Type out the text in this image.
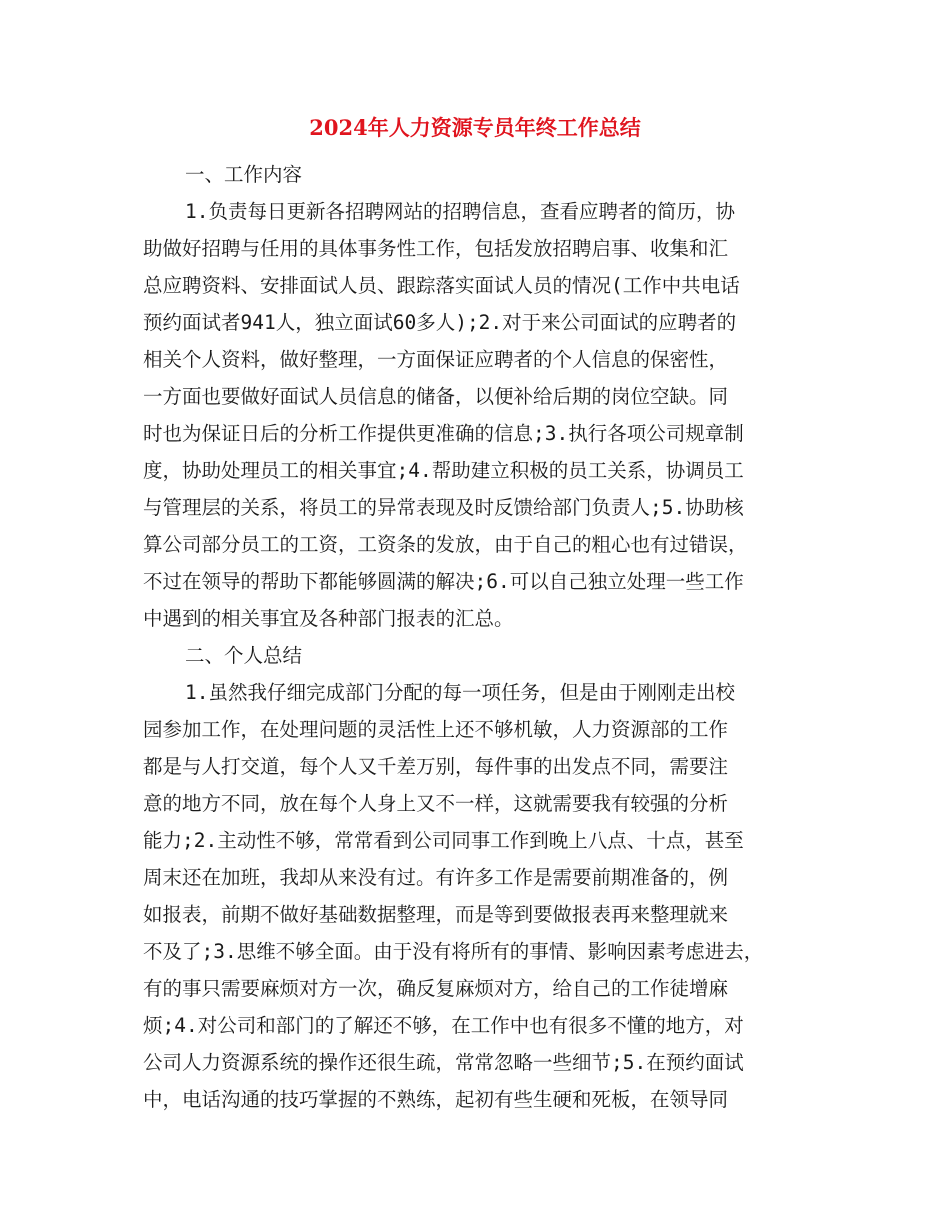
2024年人力资源专员年终工作总结

一、工作内容

1.负责每日更新各招聘网站的招聘信息，查看应聘者的简历，协

助做好招聘与任用的具体事务性工作，包括发放招聘启事、收集和汇

总应聘资料、安排面试人员、跟踪落实面试人员的情况(工作中共电话

预约面试者941人，独立面试60多人);2.对于来公司面试的应聘者的

相关个人资料，做好整理，一方面保证应聘者的个人信息的保密性，

一方面也要做好面试人员信息的储备，以便补给后期的岗位空缺。同

时也为保证日后的分析工作提供更准确的信息;3.执行各项公司规章制

度，协助处理员工的相关事宜;4.帮助建立积极的员工关系，协调员工

与管理层的关系，将员工的异常表现及时反馈给部门负责人;5.协助核

算公司部分员工的工资，工资条的发放，由于自己的粗心也有过错误，

不过在领导的帮助下都能够圆满的解决;6.可以自己独立处理一些工作

中遇到的相关事宜及各种部门报表的汇总。

二、个人总结

1.虽然我仔细完成部门分配的每一项任务，但是由于刚刚走出校

园参加工作，在处理问题的灵活性上还不够机敏，人力资源部的工作

都是与人打交道，每个人又千差万别，每件事的出发点不同，需要注

意的地方不同，放在每个人身上又不一样，这就需要我有较强的分析

能力;2.主动性不够，常常看到公司同事工作到晚上八点、十点，甚至

周末还在加班，我却从来没有过。有许多工作是需要前期准备的，例

如报表，前期不做好基础数据整理，而是等到要做报表再来整理就来

不及了;3.思维不够全面。由于没有将所有的事情、影响因素考虑进去，

有的事只需要麻烦对方一次，确反复麻烦对方，给自己的工作徒增麻

烦;4.对公司和部门的了解还不够，在工作中也有很多不懂的地方，对

公司人力资源系统的操作还很生疏，常常忽略一些细节;5.在预约面试

中，电话沟通的技巧掌握的不熟练，起初有些生硬和死板，在领导同
